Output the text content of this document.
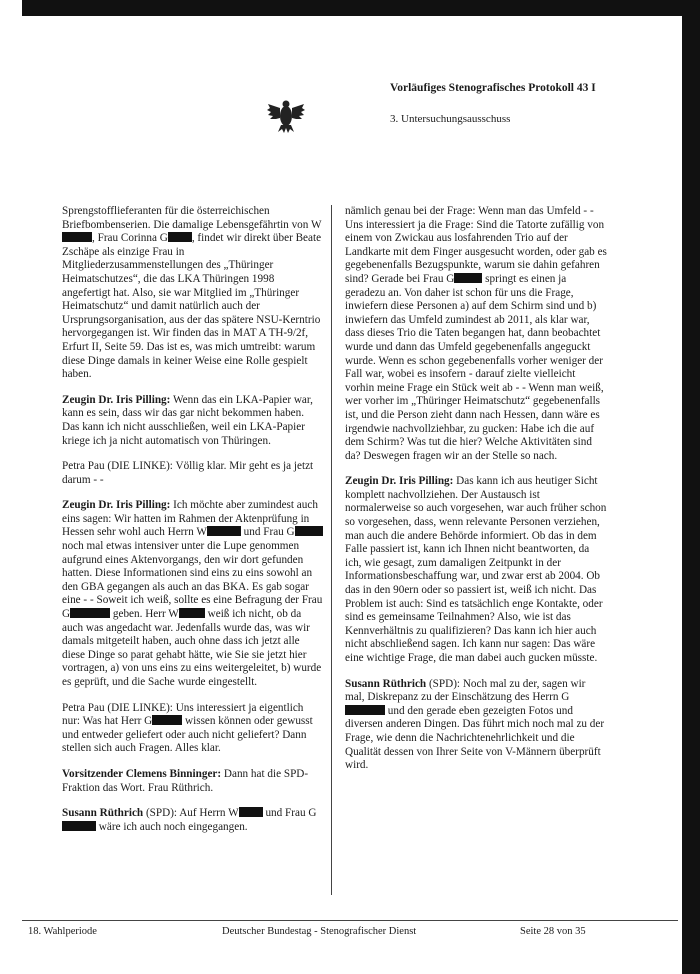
Vorläufiges Stenografisches Protokoll 43 I
3. Untersuchungsausschuss

Sprengstofflieferanten für die österreichischen Briefbombenserien. Die damalige Lebensgefährtin von W, Frau Corinna G , findet wir direkt über Beate Zschäpe als einzige Frau in Mitgliederzusammenstellungen des „Thüringer Heimatschutzes“, die das LKA Thüringen 1998 angefertigt hat. Also, sie war Mitglied im „Thüringer Heimatschutz“ und damit natürlich auch der Ursprungsorganisation, aus der das spätere NSU-Kerntrio hervorgegangen ist. Wir finden das in MAT A TH-9/2f, Erfurt II, Seite 59. Das ist es, was mich umtreibt: warum diese Dinge damals in keiner Weise eine Rolle gespielt haben.

Zeugin Dr. Iris Pilling: Wenn das ein LKA-Papier war, kann es sein, dass wir das gar nicht bekommen haben. Das kann ich nicht ausschließen, weil ein LKA-Papier kriege ich ja nicht automatisch von Thüringen.

Petra Pau (DIE LINKE): Völlig klar. Mir geht es ja jetzt darum - -

Zeugin Dr. Iris Pilling: Ich möchte aber zumindest auch eins sagen: Wir hatten im Rahmen der Aktenprüfung in Hessen sehr wohl auch Herrn W	und Frau G noch mal etwas intensiver unter die Lupe genommen aufgrund eines Aktenvorgangs, den wir dort gefunden hatten. Diese Informationen sind eins zu eins sowohl an den GBA gegangen als auch an das BKA. Es gab sogar eine - - Soweit ich weiß, sollte es eine Befragung der Frau G	geben. Herr W weiß ich nicht, ob da auch was angedacht war. Jedenfalls wurde das, was wir damals mitgeteilt haben, auch ohne dass ich jetzt alle diese Dinge so parat gehabt hätte, wie Sie sie jetzt hier vortragen, a) von uns eins zu eins weitergeleitet, b) wurde es geprüft, und die Sache wurde eingestellt.

Petra Pau (DIE LINKE): Uns interessiert ja eigentlich nur: Was hat Herr G	wissen können oder gewusst und entweder geliefert oder auch nicht geliefert? Dann stellen sich auch Fragen. Alles klar.

Vorsitzender Clemens Binninger: Dann hat die SPD-Fraktion das Wort. Frau Rüthrich.

Susann Rüthrich (SPD): Auf Herrn W und Frau G wäre ich auch noch eingegangen.

nämlich genau bei der Frage: Wenn man das Umfeld - - Uns interessiert ja die Frage: Sind die Tatorte zufällig von einem von Zwickau aus losfahrenden Trio auf der Landkarte mit dem Finger ausgesucht worden, oder gab es gegebenenfalls Bezugspunkte, warum sie dahin gefahren sind? Gerade bei Frau G	springt es einen ja geradezu an. Von daher ist schon für uns die Frage, inwiefern diese Personen a) auf dem Schirm sind und b) inwiefern das Umfeld zumindest ab 2011, als klar war, dass dieses Trio die Taten begangen hat, dann beobachtet wurde und dann das Umfeld gegebenenfalls angeguckt wurde. Wenn es schon gegebenenfalls vorher weniger der Fall war, wobei es insofern - darauf zielte vielleicht vorhin meine Frage ein Stück weit ab - - Wenn man weiß, wer vorher im „Thüringer Heimatschutz“ gegebenenfalls ist, und die Person zieht dann nach Hessen, dann wäre es irgendwie nachvollziehbar, zu gucken: Habe ich die auf dem Schirm? Was tut die hier? Welche Aktivitäten sind da? Deswegen fragen wir an der Stelle so nach.

Zeugin Dr. Iris Pilling: Das kann ich aus heutiger Sicht komplett nachvollziehen. Der Austausch ist normalerweise so auch vorgesehen, war auch früher schon so vorgesehen, dass, wenn relevante Personen verziehen, man auch die andere Behörde informiert. Ob das in dem Falle passiert ist, kann ich Ihnen nicht beantworten, da ich, wie gesagt, zum damaligen Zeitpunkt in der Informationsbeschaffung war, und zwar erst ab 2004. Ob das in den 90ern oder so passiert ist, weiß ich nicht. Das Problem ist auch: Sind es tatsächlich enge Kontakte, oder sind es gemeinsame Teilnahmen? Also, wie ist das Kennverhältnis zu qualifizieren? Das kann ich hier auch nicht abschließend sagen. Ich kann nur sagen: Das wäre eine wichtige Frage, die man dabei auch gucken müsste.

Susann Rüthrich (SPD): Noch mal zu der, sagen wir mal, Diskrepanz zu der Einschätzung des Herrn G und den gerade eben gezeigten Fotos und diversen anderen Dingen. Das führt mich noch mal zu der Frage, wie denn die Nachrichtenehrlichkeit und die Qualität dessen von Ihrer Seite von V-Männern überprüft wird.

18. Wahlperiode	Deutscher Bundestag - Stenografischer Dienst	Seite 28 von 35
